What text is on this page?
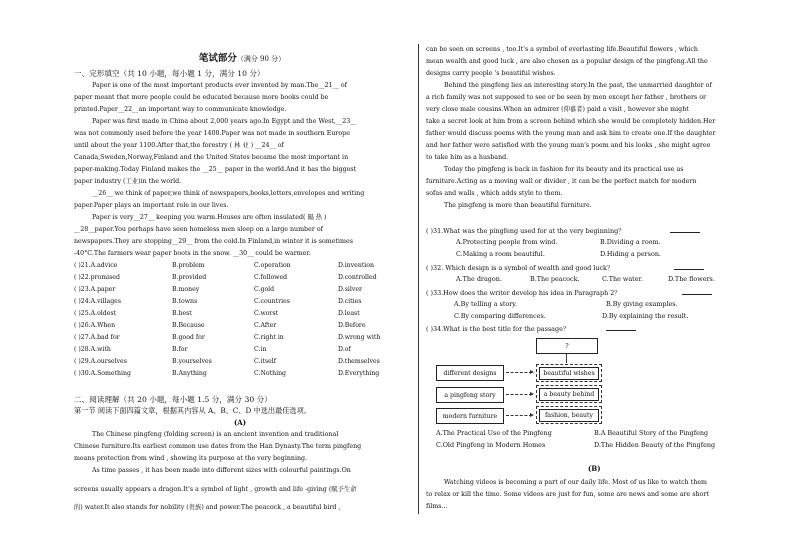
笔试部分（满分 90 分）
一、完形填空（共 10 小题，每小题 1 分，满分 10 分）
Paper is one of the most important products ever invented by man.The__21__ of
paper meant that more people could be educated because more books could be
printed.Paper__22__an important way to communicate knowledge.
Paper was first made in China about 2,000 years ago.In Egypt and the West,__23__
was not commonly used before the year 1400.Paper was not made in southern Europe
until about the year 1100.After that,the forestry ( 林 业 ) __24__ of
Canada,Sweden,Norway,Finland and the United States became the most important in
paper-making.Today Finland makes the __25__ paper in the world.And it has the biggest
paper industry (工业)in the world.
__26__ we think of paper,we think of newspapers,books,letters,envelopes and writing
paper.Paper plays an important role in our lives.
Paper is very__27__ keeping you warm.Houses are often insulated( 隔 热 )
__28__paper.You perhaps have seen homeless men sleep on a large number of
newspapers.They are stopping__29__ from the cold.In Finland,in winter it is sometimes
-40°C.The farmers wear paper boots in the snow. __30__ could be warmer.
( )21.A.advice	B.problem	C.operation	D.invention
( )22.promised	B.provided	C.followed	D.controlled
( )23.A.paper	B.money	C.gold	D.silver
( )24.A.villages	B.towns	C.countries	D.cities
( )25.A.oldest	B.best	C.worst	D.least
( )26.A.When	B.Because	C.After	D.Before
( )27.A.bad for	B.good for	C.right in	D.wrong with
( )28.A.with	B.for	C.in	D.of
( )29.A.ourselves	B.yourselves	C.itself	D.themselves
( )30.A.Something	B.Anything	C.Nothing	D.Everything
二、阅读理解（共 20 小题，每小题 1.5 分，满分 30 分）
第一节 阅读下面四篇文章，根据其内容从 A、B、C、D 中选出最佳选项。
(A)
The Chinese pingfeng (folding screen) is an ancient invention and traditional
Chinese furniture.Its earliest common use dates from the Han Dynasty.The term pingfeng
means protection from wind , showing its purpose at the very beginning.
As time passes , it has been made into different sizes with colourful paintings.On
screens usually appears a dragon.It's a symbol of light , growth and life -giving (赋予生命
的) water.It also stands for nobility (贵族) and power.The peacock , a beautiful bird ,
can be seen on screens , too.It's a symbol of everlasting life.Beautiful flowers , which
mean wealth and good luck , are also chosen as a popular design of the pingfeng.All the
designs carry people 's beautiful wishes.
Behind the pingfeng lies an interesting story.In the past, the unmarried daughter of
a rich family was not supposed to see or be seen by men except her father , brothers or
very close male cousins.When an admirer (仰慕者) paid a visit , however she might
take a secret look at him from a screen behind which she would be completely hidden.Her
father would discuss poems with the young man and ask him to create one.If the daughter
and her father were satisfied with the young man's poem and his looks , she might agree
to take him as a husband.
Today the pingfeng is back in fashion for its beauty and its practical use as
furniture.Acting as a moving wall or divider , it can be the perfect match for modern
sofas and walls , which adds style to them.
The pingfeng is more than beautiful furniture.
( )31.What was the pingfeng used for at the very beginning？
A.Protecting people from wind.	B.Dividing a room.
C.Making a room beautiful.	D.Hiding a person.
( )32. Which design is a symbol of wealth and good luck？
A.The dragon.	B.The peacock.	C.The water.	D.The flowers.
( )33.How does the writer develop his idea in Paragraph 2？
A.By telling a story.	B.By giving examples.
C.By comparing differences.	D.By explaining the result.
( )34.What is the best title for the passage？
?
different designs	beautiful wishes
a pingfeng story	a beauty behind
modern furniture	fashion, beauty
A.The Practical Use of the Pingfeng	B.A Beautiful Story of the Pingfeng
C.Old Pingfeng in Modern Homes	D.The Hidden Beauty of the Pingfeng
(B)
Watching videos is becoming a part of our daily life. Most of us like to watch them
to relax or kill the time. Some videos are just for fun, some are news and some are short
films...
